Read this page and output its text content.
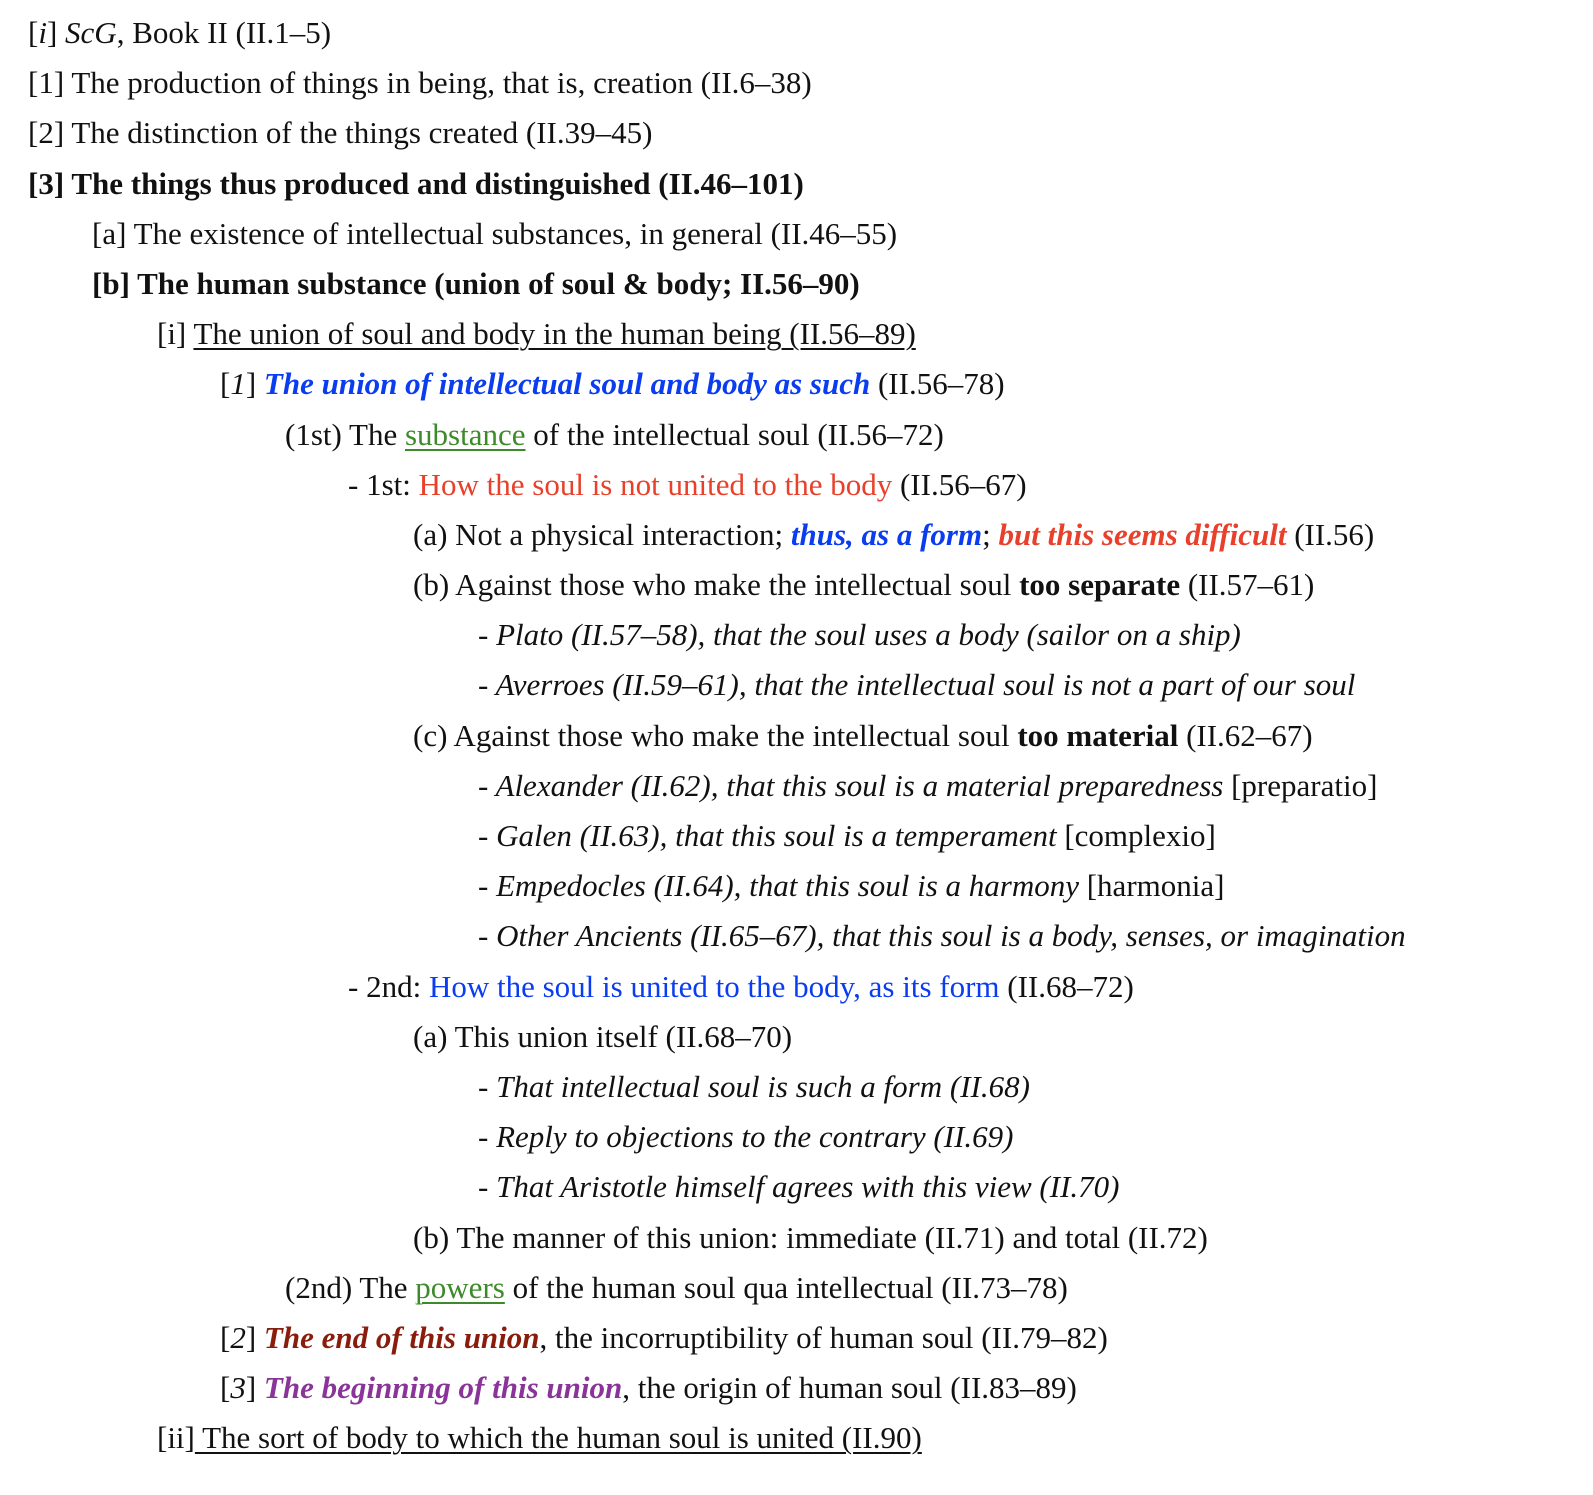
[i] ScG, Book II (II.1–5)
[1] The production of things in being, that is, creation (II.6–38)
[2] The distinction of the things created (II.39–45)
[3] The things thus produced and distinguished (II.46–101)
[a] The existence of intellectual substances, in general (II.46–55)
[b] The human substance (union of soul & body; II.56–90)
[i] The union of soul and body in the human being (II.56–89)
[1] The union of intellectual soul and body as such (II.56–78)
(1st) The substance of the intellectual soul (II.56–72)
- 1st: How the soul is not united to the body (II.56–67)
(a) Not a physical interaction; thus, as a form; but this seems difficult (II.56)
(b) Against those who make the intellectual soul too separate (II.57–61)
- Plato (II.57–58), that the soul uses a body (sailor on a ship)
- Averroes (II.59–61), that the intellectual soul is not a part of our soul
(c) Against those who make the intellectual soul too material (II.62–67)
- Alexander (II.62), that this soul is a material preparedness [preparatio]
- Galen (II.63), that this soul is a temperament [complexio]
- Empedocles (II.64), that this soul is a harmony [harmonia]
- Other Ancients (II.65–67), that this soul is a body, senses, or imagination
- 2nd: How the soul is united to the body, as its form (II.68–72)
(a) This union itself (II.68–70)
- That intellectual soul is such a form (II.68)
- Reply to objections to the contrary (II.69)
- That Aristotle himself agrees with this view (II.70)
(b) The manner of this union: immediate (II.71) and total (II.72)
(2nd) The powers of the human soul qua intellectual (II.73–78)
[2] The end of this union, the incorruptibility of human soul (II.79–82)
[3] The beginning of this union, the origin of human soul (II.83–89)
[ii] The sort of body to which the human soul is united (II.90)
